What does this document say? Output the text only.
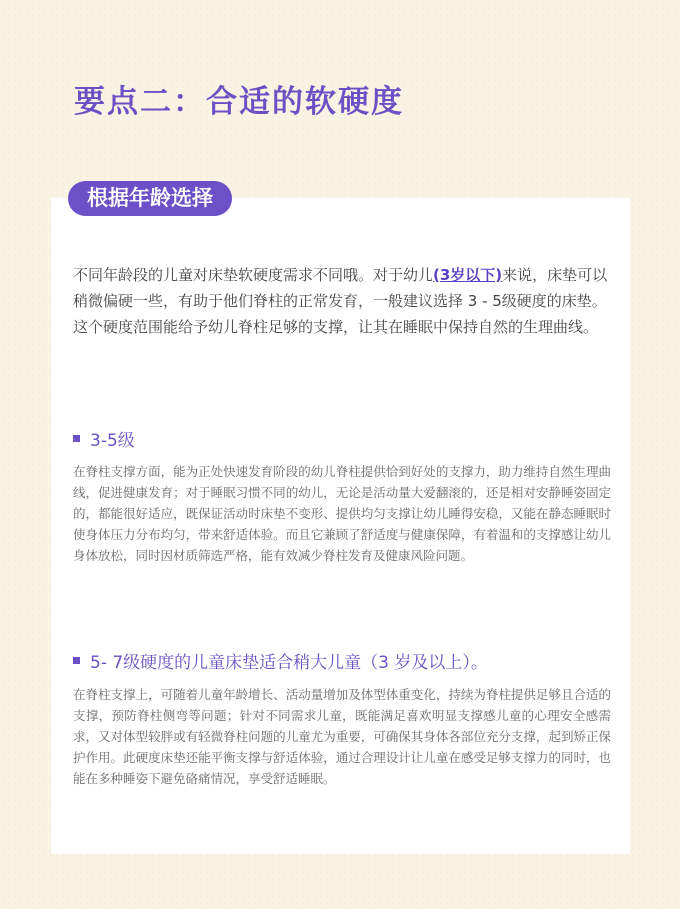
要点二：合适的软硬度
根据年龄选择

不同年龄段的儿童对床垫软硬度需求不同哦。对于幼儿(3岁以下)来说，床垫可以稍微偏硬一些，有助于他们脊柱的正常发育，一般建议选择 3 - 5级硬度的床垫。这个硬度范围能给予幼儿脊柱足够的支撑，让其在睡眠中保持自然的生理曲线。

3-5级

在脊柱支撑方面，能为正处快速发育阶段的幼儿脊柱提供恰到好处的支撑力，助力维持自然生理曲线，促进健康发育；对于睡眠习惯不同的幼儿，无论是活动量大爱翻滚的，还是相对安静睡姿固定的，都能很好适应，既保证活动时床垫不变形、提供均匀支撑让幼儿睡得安稳，又能在静态睡眠时使身体压力分布均匀，带来舒适体验。而且它兼顾了舒适度与健康保障，有着温和的支撑感让幼儿身体放松，同时因材质筛选严格，能有效减少脊柱发育及健康风险问题。

5- 7级硬度的儿童床垫适合稍大儿童（3 岁及以上）。

在脊柱支撑上，可随着儿童年龄增长、活动量增加及体型体重变化，持续为脊柱提供足够且合适的支撑，预防脊柱侧弯等问题；针对不同需求儿童，既能满足喜欢明显支撑感儿童的心理安全感需求，又对体型较胖或有轻微脊柱问题的儿童尤为重要，可确保其身体各部位充分支撑，起到矫正保护作用。此硬度床垫还能平衡支撑与舒适体验，通过合理设计让儿童在感受足够支撑力的同时，也能在多种睡姿下避免硌痛情况，享受舒适睡眠。
